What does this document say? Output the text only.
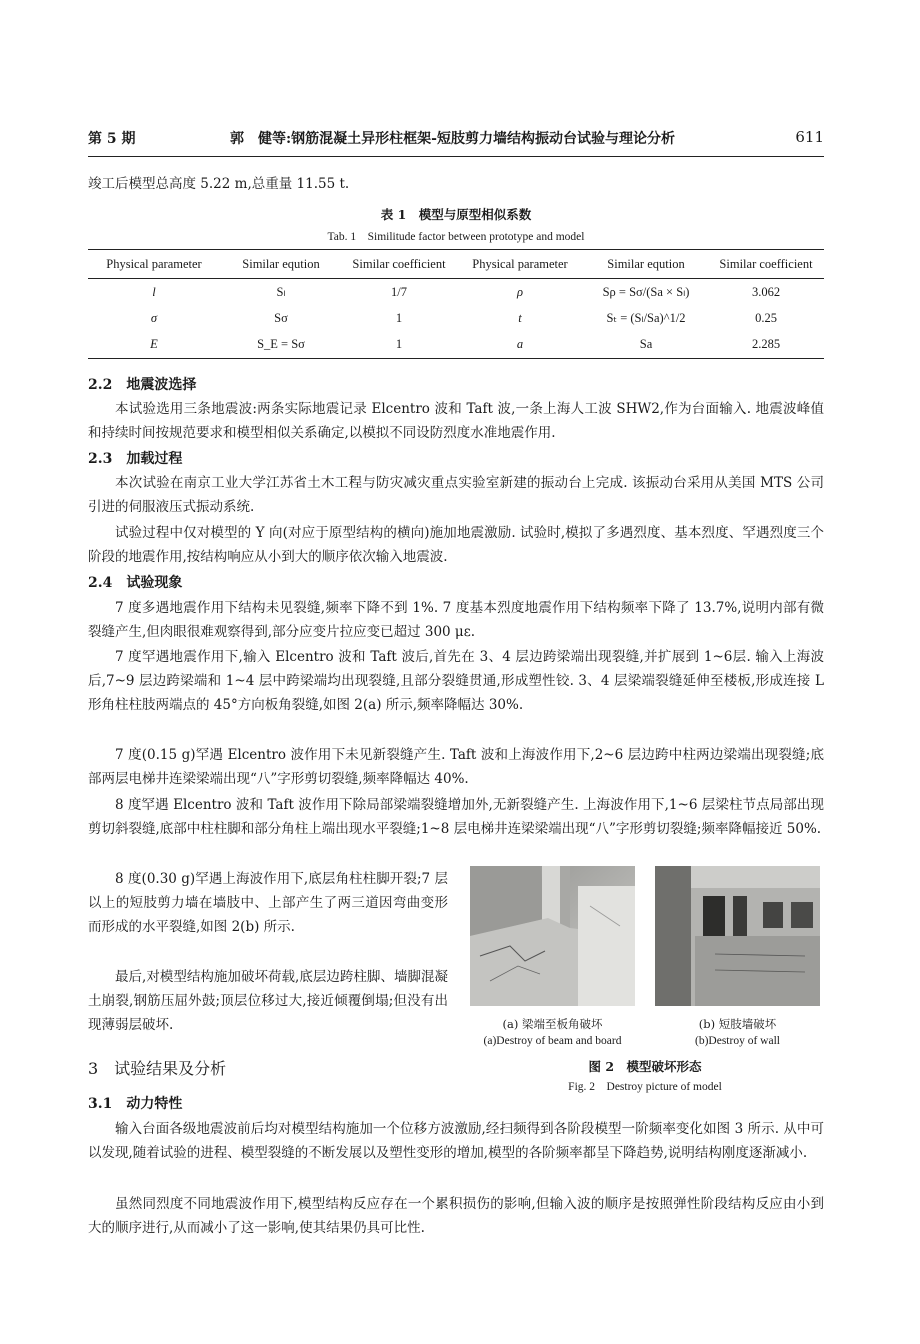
第 5 期	郭　健等:钢筋混凝土异形柱框架-短肢剪力墙结构振动台试验与理论分析	611
竣工后模型总高度 5.22 m,总重量 11.55 t.
表 1　模型与原型相似系数
Tab. 1　Similitude factor between prototype and model
Physical parameter	Similar eqution	Similar coefficient	Physical parameter	Similar eqution	Similar coefficient
l	Sₗ	1/7	ρ	Sρ = Sσ/(Sa × Sₗ)	3.062
σ	Sσ	1	t	Sₜ = (Sₗ/Sa)^1/2	0.25
E	S_E = Sσ	1	a	Sa	2.285
2.2　地震波选择
本试验选用三条地震波:两条实际地震记录 Elcentro 波和 Taft 波,一条上海人工波 SHW2,作为台面输入. 地震波峰值和持续时间按规范要求和模型相似关系确定,以模拟不同设防烈度水准地震作用.
2.3　加载过程
本次试验在南京工业大学江苏省土木工程与防灾减灾重点实验室新建的振动台上完成. 该振动台采用从美国 MTS 公司引进的伺服液压式振动系统.
试验过程中仅对模型的 Y 向(对应于原型结构的横向)施加地震激励. 试验时,模拟了多遇烈度、基本烈度、罕遇烈度三个阶段的地震作用,按结构响应从小到大的顺序依次输入地震波.
2.4　试验现象
7 度多遇地震作用下结构未见裂缝,频率下降不到 1%. 7 度基本烈度地震作用下结构频率下降了 13.7%,说明内部有微裂缝产生,但肉眼很难观察得到,部分应变片拉应变已超过 300 με.
7 度罕遇地震作用下,输入 Elcentro 波和 Taft 波后,首先在 3、4 层边跨梁端出现裂缝,并扩展到 1~6层. 输入上海波后,7~9 层边跨梁端和 1~4 层中跨梁端均出现裂缝,且部分裂缝贯通,形成塑性铰. 3、4 层梁端裂缝延伸至楼板,形成连接 L 形角柱柱肢两端点的 45°方向板角裂缝,如图 2(a) 所示,频率降幅达 30%.
7 度(0.15 g)罕遇 Elcentro 波作用下未见新裂缝产生. Taft 波和上海波作用下,2~6 层边跨中柱两边梁端出现裂缝;底部两层电梯井连梁梁端出现“八”字形剪切裂缝,频率降幅达 40%.
8 度罕遇 Elcentro 波和 Taft 波作用下除局部梁端裂缝增加外,无新裂缝产生. 上海波作用下,1~6 层梁柱节点局部出现剪切斜裂缝,底部中柱柱脚和部分角柱上端出现水平裂缝;1~8 层电梯井连梁梁端出现“八”字形剪切裂缝;频率降幅接近 50%.
8 度(0.30 g)罕遇上海波作用下,底层角柱柱脚开裂;7 层以上的短肢剪力墙在墙肢中、上部产生了两三道因弯曲变形而形成的水平裂缝,如图 2(b) 所示.
最后,对模型结构施加破坏荷载,底层边跨柱脚、墙脚混凝土崩裂,钢筋压屈外鼓;顶层位移过大,接近倾覆倒塌;但没有出现薄弱层破坏.	(a) 梁端至板角破坏	(b) 短肢墙破坏
(a)Destroy of beam and board	(b)Destroy of wall
图 2　模型破坏形态
Fig. 2　Destroy picture of model
3　试验结果及分析
3.1　动力特性
输入台面各级地震波前后均对模型结构施加一个位移方波激励,经扫频得到各阶段模型一阶频率变化如图 3 所示. 从中可以发现,随着试验的进程、模型裂缝的不断发展以及塑性变形的增加,模型的各阶频率都呈下降趋势,说明结构刚度逐渐减小.
虽然同烈度不同地震波作用下,模型结构反应存在一个累积损伤的影响,但输入波的顺序是按照弹性阶段结构反应由小到大的顺序进行,从而减小了这一影响,使其结果仍具可比性.
